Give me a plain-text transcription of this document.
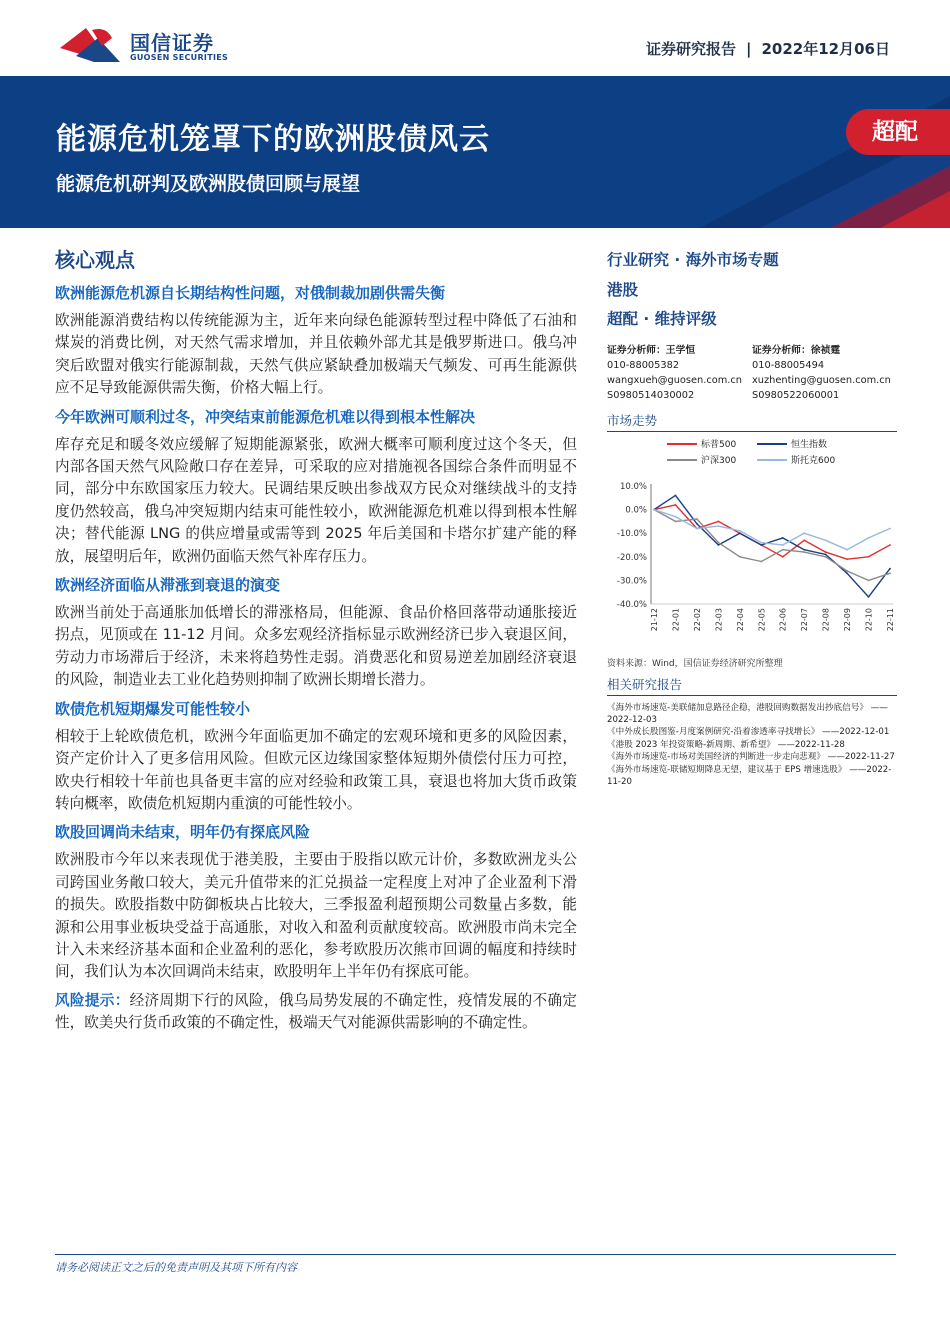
国信证券
GUOSEN SECURITIES	证券研究报告 | 2022年12月06日
能源危机笼罩下的欧洲股债风云
能源危机研判及欧洲股债回顾与展望
超配
核心观点
欧洲能源危机源自长期结构性问题，对俄制裁加剧供需失衡

欧洲能源消费结构以传统能源为主，近年来向绿色能源转型过程中降低了石油和煤炭的消费比例，对天然气需求增加，并且依赖外部尤其是俄罗斯进口。俄乌冲突后欧盟对俄实行能源制裁，天然气供应紧缺叠加极端天气频发、可再生能源供应不足导致能源供需失衡，价格大幅上行。

今年欧洲可顺利过冬，冲突结束前能源危机难以得到根本性解决

库存充足和暖冬效应缓解了短期能源紧张，欧洲大概率可顺利度过这个冬天，但内部各国天然气风险敞口存在差异，可采取的应对措施视各国综合条件而明显不同，部分中东欧国家压力较大。民调结果反映出参战双方民众对继续战斗的支持度仍然较高，俄乌冲突短期内结束可能性较小，欧洲能源危机难以得到根本性解决；替代能源 LNG 的供应增量或需等到 2025 年后美国和卡塔尔扩建产能的释放，展望明后年，欧洲仍面临天然气补库存压力。

欧洲经济面临从滞涨到衰退的演变

欧洲当前处于高通胀加低增长的滞涨格局，但能源、食品价格回落带动通胀接近拐点，见顶或在 11-12 月间。众多宏观经济指标显示欧洲经济已步入衰退区间，劳动力市场滞后于经济，未来将趋势性走弱。消费恶化和贸易逆差加剧经济衰退的风险，制造业去工业化趋势则抑制了欧洲长期增长潜力。

欧债危机短期爆发可能性较小

相较于上轮欧债危机，欧洲今年面临更加不确定的宏观环境和更多的风险因素，资产定价计入了更多信用风险。但欧元区边缘国家整体短期外债偿付压力可控，欧央行相较十年前也具备更丰富的应对经验和政策工具，衰退也将加大货币政策转向概率，欧债危机短期内重演的可能性较小。

欧股回调尚未结束，明年仍有探底风险

欧洲股市今年以来表现优于港美股，主要由于股指以欧元计价，多数欧洲龙头公司跨国业务敞口较大，美元升值带来的汇兑损益一定程度上对冲了企业盈利下滑的损失。欧股指数中防御板块占比较大，三季报盈利超预期公司数量占多数，能源和公用事业板块受益于高通胀，对收入和盈利贡献度较高。欧洲股市尚未完全计入未来经济基本面和企业盈利的恶化，参考欧股历次熊市回调的幅度和持续时间，我们认为本次回调尚未结束，欧股明年上半年仍有探底可能。

风险提示：经济周期下行的风险，俄乌局势发展的不确定性，疫情发展的不确定性，欧美央行货币政策的不确定性，极端天气对能源供需影响的不确定性。

行业研究 · 海外市场专题
港股
超配 · 维持评级
证券分析师：王学恒
010-88005382
wangxueh@guosen.com.cn
S0980514030002
证券分析师：徐祯霆
010-88005494
xuzhenting@guosen.com.cn
S0980522060001
市场走势
10.0%
0.0%
-10.0%
-20.0%
-30.0%
-40.0%
21-12 22-01 22-02 22-03 22-04 22-05 22-06 22-07 22-08 22-09 22-10 22-11
标普500	恒生指数
沪深300	斯托克600
资料来源：Wind，国信证券经济研究所整理
相关研究报告
《海外市场速览-美联储加息路径企稳，港股回购数据发出抄底信号》 ——2022-12-03
《中外成长股图鉴-月度案例研究-沿着渗透率寻找增长》 ——2022-12-01
《港股 2023 年投资策略-新周期、新希望》 ——2022-11-28
《海外市场速览-市场对美国经济的判断进一步走向悲观》 ——2022-11-27
《海外市场速览-联储短期降息无望，建议基于 EPS 增速选股》 ——2022-11-20
请务必阅读正文之后的免责声明及其项下所有内容
